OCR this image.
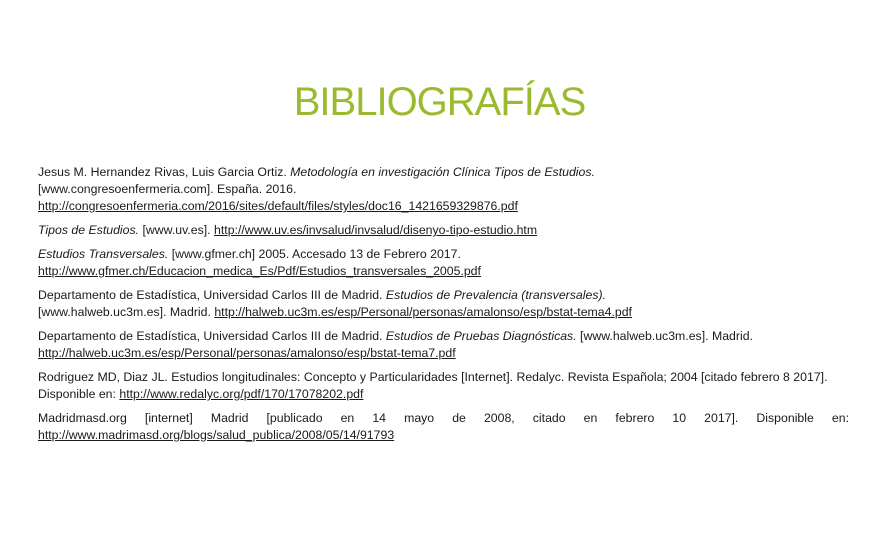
BIBLIOGRAFÍAS

Jesus M. Hernandez Rivas, Luis Garcia Ortiz. Metodología en investigación Clínica Tipos de Estudios.
[www.congresoenfermeria.com]. España. 2016.
http://congresoenfermeria.com/2016/sites/default/files/styles/doc16_1421659329876.pdf

Tipos de Estudios. [www.uv.es]. http://www.uv.es/invsalud/invsalud/disenyo-tipo-estudio.htm

Estudios Transversales. [www.gfmer.ch] 2005. Accesado 13 de Febrero 2017.
http://www.gfmer.ch/Educacion_medica_Es/Pdf/Estudios_transversales_2005.pdf

Departamento de Estadística, Universidad Carlos III de Madrid. Estudios de Prevalencia (transversales).
[www.halweb.uc3m.es]. Madrid. http://halweb.uc3m.es/esp/Personal/personas/amalonso/esp/bstat-tema4.pdf

Departamento de Estadística, Universidad Carlos III de Madrid. Estudios de Pruebas Diagnósticas. [www.halweb.uc3m.es]. Madrid. http://halweb.uc3m.es/esp/Personal/personas/amalonso/esp/bstat-tema7.pdf

Rodriguez MD, Diaz JL. Estudios longitudinales: Concepto y Particularidades [Internet]. Redalyc. Revista Española; 2004 [citado febrero 8 2017]. Disponible en: http://www.redalyc.org/pdf/170/17078202.pdf

Madridmasd.org [internet] Madrid [publicado en 14 mayo de 2008, citado en febrero 10 2017]. Disponible en:

http://www.madrimasd.org/blogs/salud_publica/2008/05/14/91793
